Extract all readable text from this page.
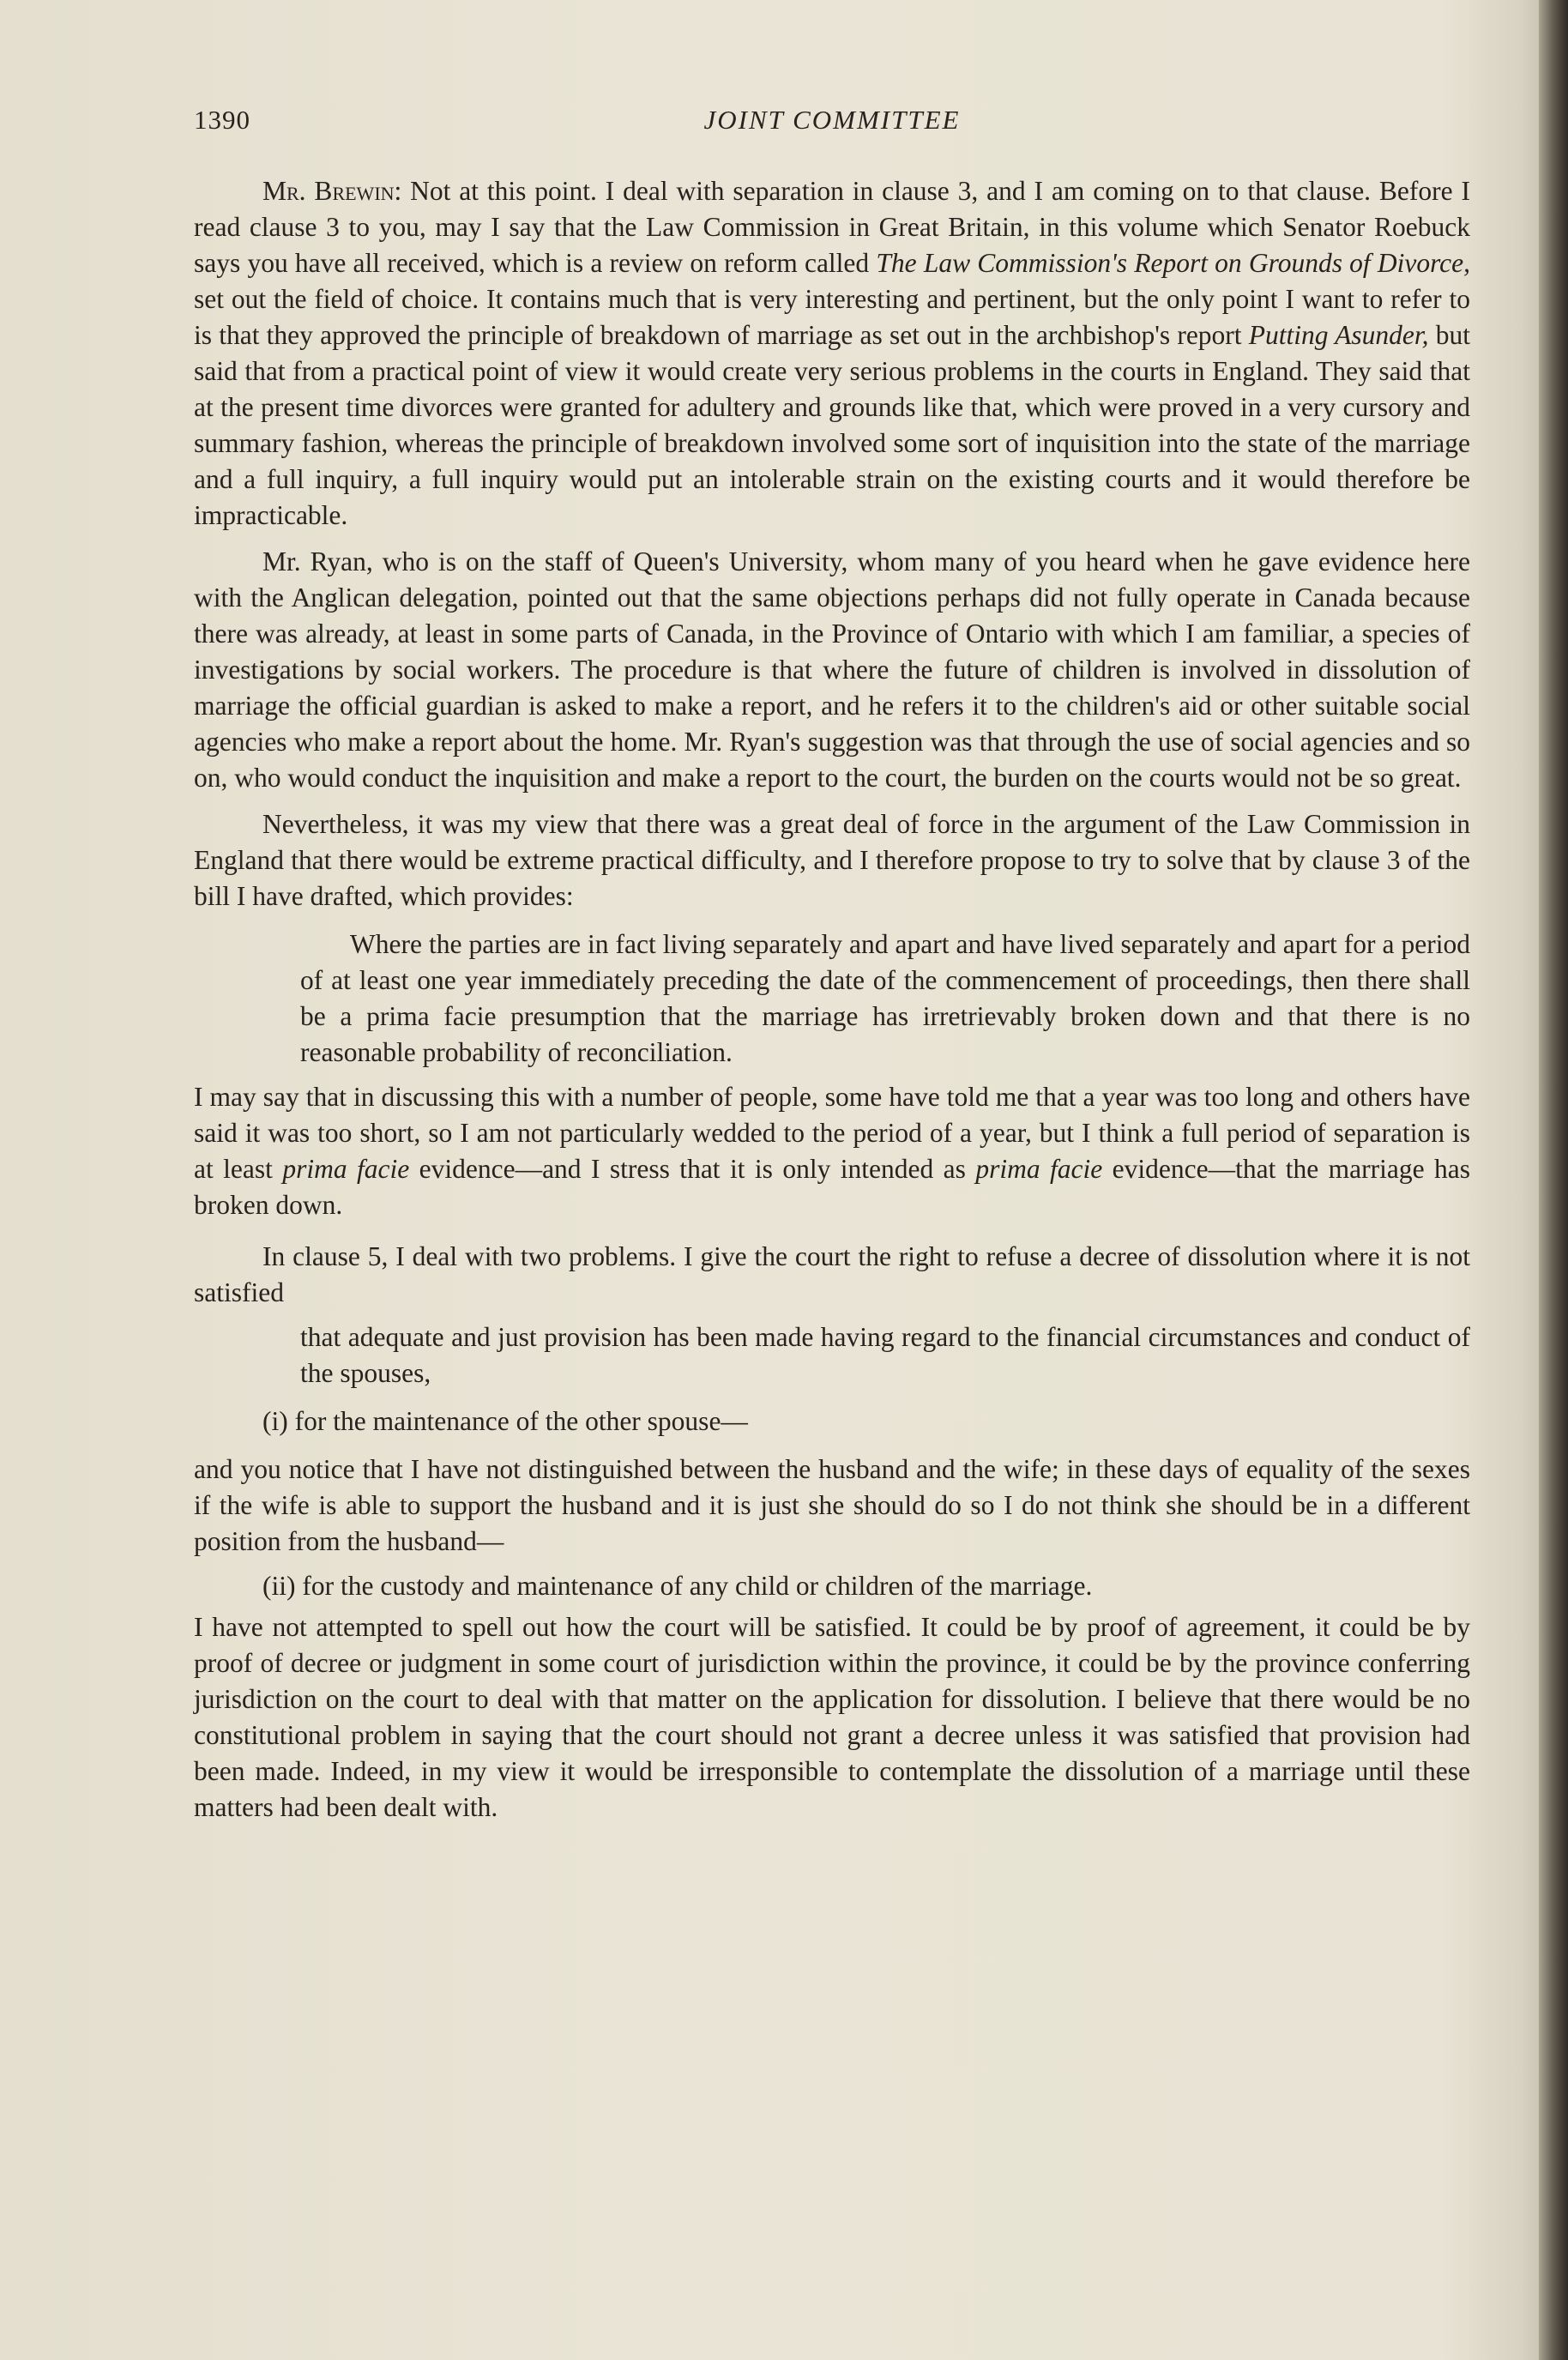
1390	JOINT COMMITTEE

Mr. Brewin: Not at this point. I deal with separation in clause 3, and I am coming on to that clause. Before I read clause 3 to you, may I say that the Law Commission in Great Britain, in this volume which Senator Roebuck says you have all received, which is a review on reform called The Law Commission's Report on Grounds of Divorce, set out the field of choice. It contains much that is very interesting and pertinent, but the only point I want to refer to is that they approved the principle of breakdown of marriage as set out in the archbishop's report Putting Asunder, but said that from a practical point of view it would create very serious problems in the courts in England. They said that at the present time divorces were granted for adultery and grounds like that, which were proved in a very cursory and summary fashion, whereas the principle of breakdown involved some sort of inquisition into the state of the marriage and a full inquiry, a full inquiry would put an intolerable strain on the existing courts and it would therefore be impracticable.

Mr. Ryan, who is on the staff of Queen's University, whom many of you heard when he gave evidence here with the Anglican delegation, pointed out that the same objections perhaps did not fully operate in Canada because there was already, at least in some parts of Canada, in the Province of Ontario with which I am familiar, a species of investigations by social workers. The procedure is that where the future of children is involved in dissolution of marriage the official guardian is asked to make a report, and he refers it to the children's aid or other suitable social agencies who make a report about the home. Mr. Ryan's suggestion was that through the use of social agencies and so on, who would conduct the inquisition and make a report to the court, the burden on the courts would not be so great.

Nevertheless, it was my view that there was a great deal of force in the argument of the Law Commission in England that there would be extreme practical difficulty, and I therefore propose to try to solve that by clause 3 of the bill I have drafted, which provides:

Where the parties are in fact living separately and apart and have lived separately and apart for a period of at least one year immediately preceding the date of the commencement of proceedings, then there shall be a prima facie presumption that the marriage has irretrievably broken down and that there is no reasonable probability of reconciliation.

I may say that in discussing this with a number of people, some have told me that a year was too long and others have said it was too short, so I am not particularly wedded to the period of a year, but I think a full period of separation is at least prima facie evidence—and I stress that it is only intended as prima facie evidence—that the marriage has broken down.

In clause 5, I deal with two problems. I give the court the right to refuse a decree of dissolution where it is not satisfied

that adequate and just provision has been made having regard to the financial circumstances and conduct of the spouses,

(i) for the maintenance of the other spouse—

and you notice that I have not distinguished between the husband and the wife; in these days of equality of the sexes if the wife is able to support the husband and it is just she should do so I do not think she should be in a different position from the husband—

(ii) for the custody and maintenance of any child or children of the marriage.

I have not attempted to spell out how the court will be satisfied. It could be by proof of agreement, it could be by proof of decree or judgment in some court of jurisdiction within the province, it could be by the province conferring jurisdiction on the court to deal with that matter on the application for dissolution. I believe that there would be no constitutional problem in saying that the court should not grant a decree unless it was satisfied that provision had been made. Indeed, in my view it would be irresponsible to contemplate the dissolution of a marriage until these matters had been dealt with.
